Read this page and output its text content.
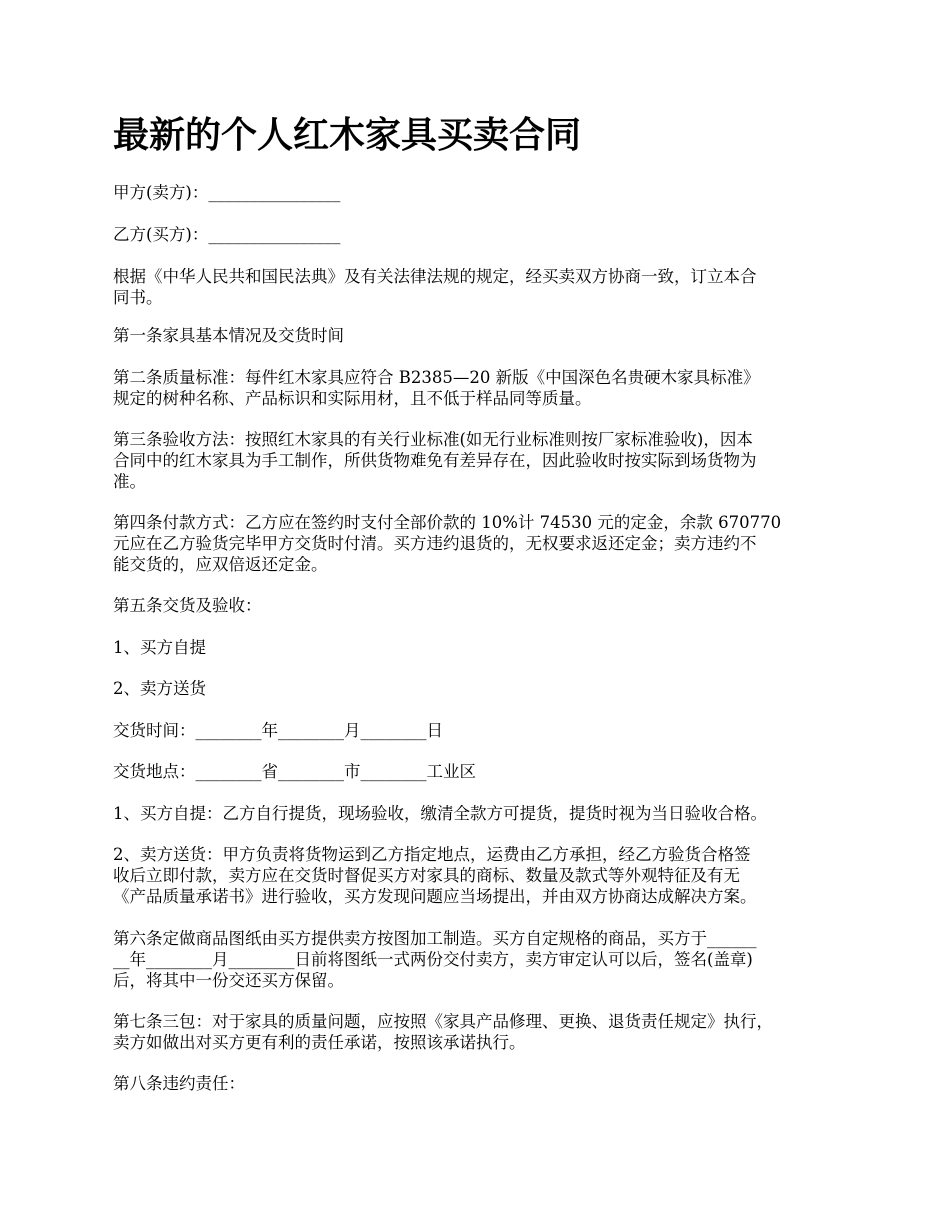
最新的个人红木家具买卖合同

甲方(卖方)：________________

乙方(买方)：________________

根据《中华人民共和国民法典》及有关法律法规的规定，经买卖双方协商一致，订立本合
同书。

第一条家具基本情况及交货时间

第二条质量标准：每件红木家具应符合 B2385—20 新版《中国深色名贵硬木家具标准》
规定的树种名称、产品标识和实际用材，且不低于样品同等质量。

第三条验收方法：按照红木家具的有关行业标准(如无行业标准则按厂家标准验收)，因本
合同中的红木家具为手工制作，所供货物难免有差异存在，因此验收时按实际到场货物为
准。

第四条付款方式：乙方应在签约时支付全部价款的 10%计 74530 元的定金，余款 670770
元应在乙方验货完毕甲方交货时付清。买方违约退货的，无权要求返还定金；卖方违约不
能交货的，应双倍返还定金。

第五条交货及验收：

1、买方自提

2、卖方送货

交货时间：________年________月________日

交货地点：________省________市________工业区

1、买方自提：乙方自行提货，现场验收，缴清全款方可提货，提货时视为当日验收合格。

2、卖方送货：甲方负责将货物运到乙方指定地点，运费由乙方承担，经乙方验货合格签
收后立即付款，卖方应在交货时督促买方对家具的商标、数量及款式等外观特征及有无
《产品质量承诺书》进行验收，买方发现问题应当场提出，并由双方协商达成解决方案。

第六条定做商品图纸由买方提供卖方按图加工制造。买方自定规格的商品，买方于______
__年________月________日前将图纸一式两份交付卖方，卖方审定认可以后，签名(盖章)
后，将其中一份交还买方保留。

第七条三包：对于家具的质量问题，应按照《家具产品修理、更换、退货责任规定》执行，
卖方如做出对买方更有利的责任承诺，按照该承诺执行。

第八条违约责任：
